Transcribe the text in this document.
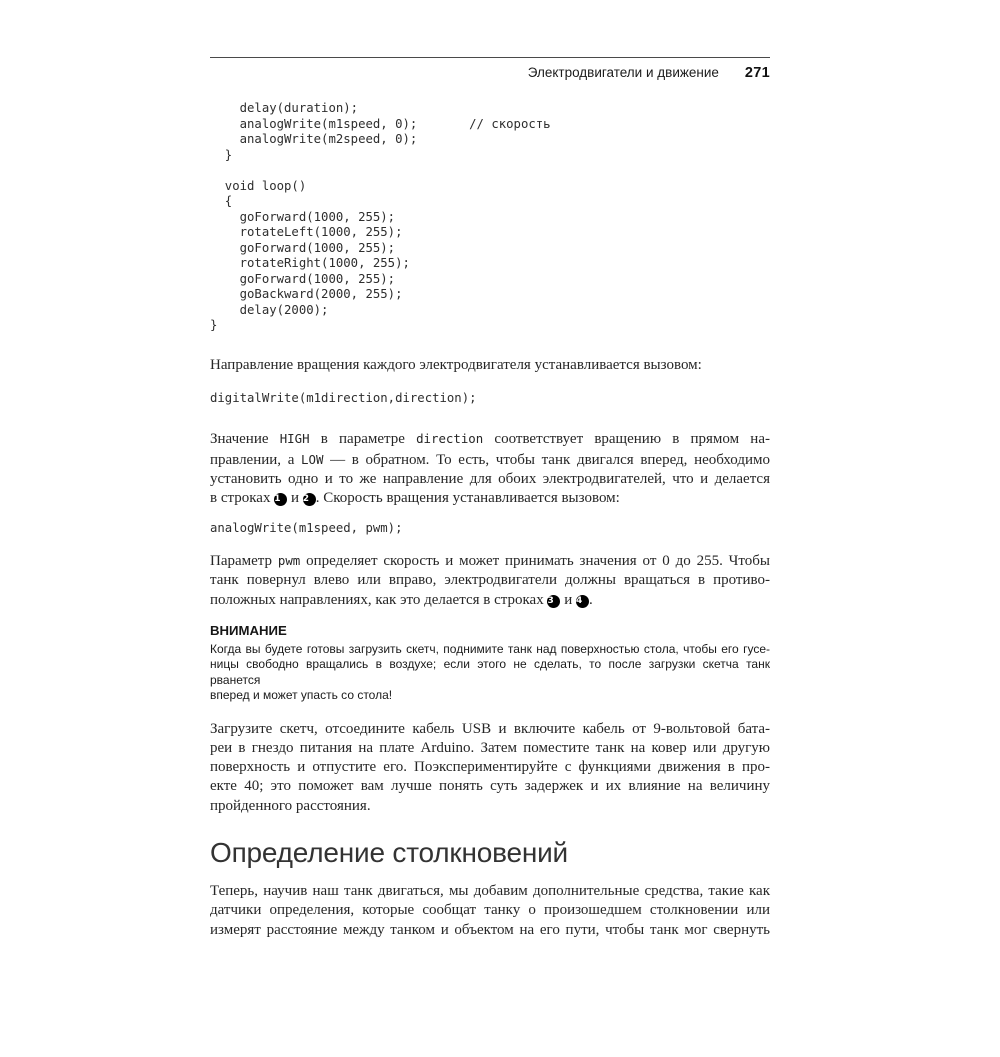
Электродвигатели и движение 271
delay(duration);
analogWrite(m1speed, 0);       // скорость
analogWrite(m2speed, 0);
}

void loop()
{
goForward(1000, 255);
rotateLeft(1000, 255);
goForward(1000, 255);
rotateRight(1000, 255);
goForward(1000, 255);
goBackward(2000, 255);
delay(2000);
}
Направление вращения каждого электродвигателя устанавливается вызовом:
digitalWrite(m1direction,direction);
Значение HIGH в параметре direction соответствует вращению в прямом на-
правлении, а LOW — в обратном. То есть, чтобы танк двигался вперед, необходимо
установить одно и то же направление для обоих электродвигателей, что и делается
в строках 1 и 2 . Скорость вращения устанавливается вызовом:
analogWrite(m1speed, pwm);
Параметр pwm определяет скорость и может принимать значения от 0 до 255. Чтобы
танк повернул влево или вправо, электродвигатели должны вращаться в противо-
положных направлениях, как это делается в строках 3 и 4 .
ВНИМАНИЕ
Когда вы будете готовы загрузить скетч, поднимите танк над поверхностью стола, чтобы его гусе-
ницы свободно вращались в воздухе; если этого не сделать, то после загрузки скетча танк рванется
вперед и может упасть со стола!
Загрузите скетч, отсоедините кабель USB и включите кабель от 9-вольтовой бата-
реи в гнездо питания на плате Arduino. Затем поместите танк на ковер или другую
поверхность и отпустите его. Поэкспериментируйте с функциями движения в про-
екте 40; это поможет вам лучше понять суть задержек и их влияние на величину
пройденного расстояния.
Определение столкновений
Теперь, научив наш танк двигаться, мы добавим дополнительные средства, такие как
датчики определения, которые сообщат танку о произошедшем столкновении или
измерят расстояние между танком и объектом на его пути, чтобы танк мог свернуть
